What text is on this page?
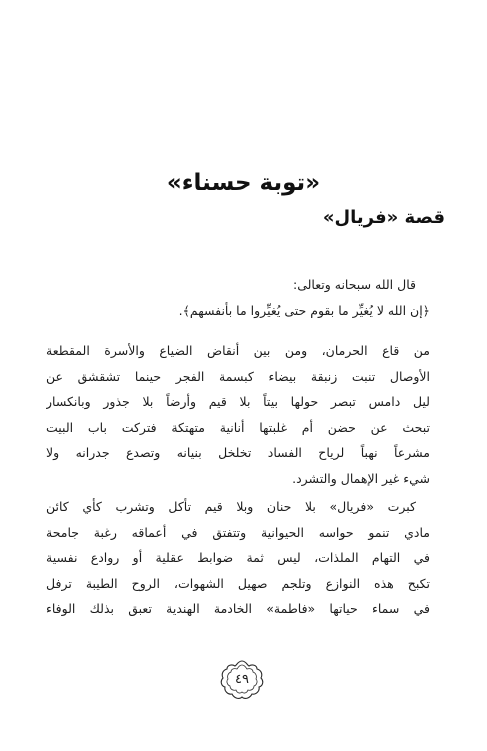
«توبة حسناء»
قصة «فريال»
قال الله سبحانه وتعالى:
﴿إن الله لا يُغيِّر ما بقوم حتى يُغيِّروا ما بأنفسهم﴾.
من قاع الحرمان، ومن بين أنقاض الضياع والأسرة المقطعة
الأوصال تنبت زنبقة بيضاء كبسمة الفجر حينما تشقشق عن
ليل دامس تبصر حولها بيتاً بلا قيم وأرضاً بلا جذور وبانكسار
تبحث عن حضن أم غلبتها أنانية متهتكة فتركت باب البيت
مشرعاً نهباً لرياح الفساد تخلخل بنيانه وتصدع جدرانه ولا
شيء غير الإهمال والتشرد.
كبرت «فريال» بلا حنان وبلا قيم تأكل وتشرب كأي كائن
مادي تنمو حواسه الحيوانية وتتفتق في أعماقه رغبة جامحة
في التهام الملذات، ليس ثمة ضوابط عقلية أو روادع نفسية
تكبح هذه النوازع وتلجم صهيل الشهوات، الروح الطيبة ترفل
في سماء حياتها «فاطمة» الخادمة الهندية تعبق بذلك الوفاء
٤٩
